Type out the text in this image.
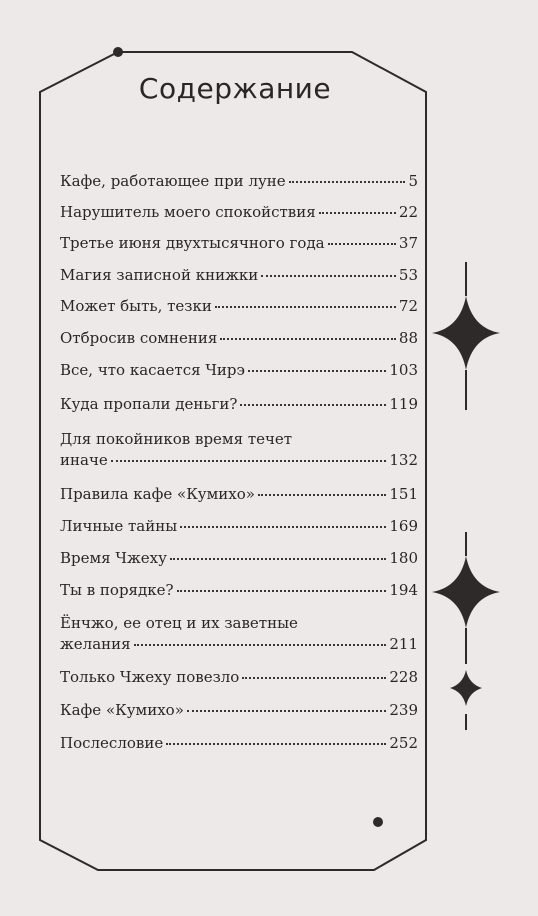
Содержание
Кафе, работающее при луне	5
Нарушитель моего спокойствия	22
Третье июня двухтысячного года	37
Магия записной книжки	53
Может быть, тезки	72
Отбросив сомнения	88
Все, что касается Чирэ	103
Куда пропали деньги?	119
Для покойников время течет
иначе	132
Правила кафе «Кумихо»	151
Личные тайны	169
Время Чжеху	180
Ты в порядке?	194
Ёнчжо, ее отец и их заветные
желания	211
Только Чжеху повезло	228
Кафе «Кумихо»	239
Послесловие	252
